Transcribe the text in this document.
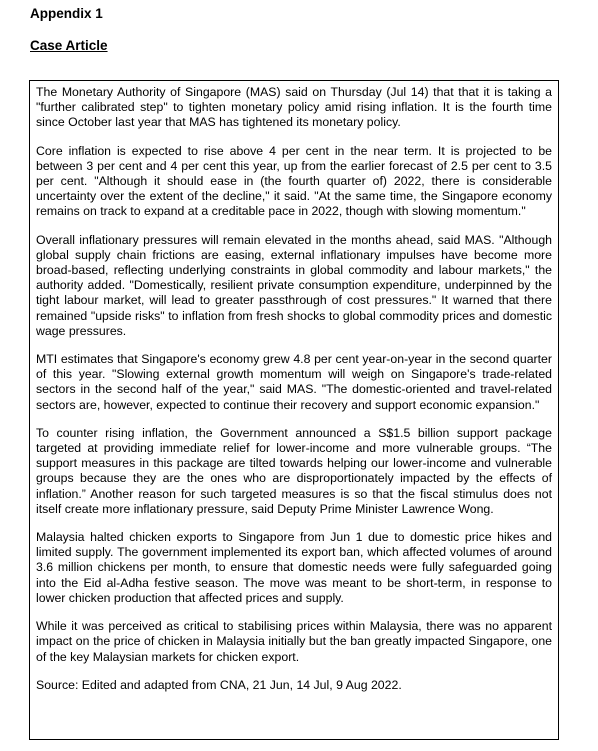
Appendix 1

Case Article

The Monetary Authority of Singapore (MAS) said on Thursday (Jul 14) that that it is taking a "further calibrated step" to tighten monetary policy amid rising inflation. It is the fourth time since October last year that MAS has tightened its monetary policy.

Core inflation is expected to rise above 4 per cent in the near term. It is projected to be between 3 per cent and 4 per cent this year, up from the earlier forecast of 2.5 per cent to 3.5 per cent. "Although it should ease in (the fourth quarter of) 2022, there is considerable uncertainty over the extent of the decline," it said. "At the same time, the Singapore economy remains on track to expand at a creditable pace in 2022, though with slowing momentum."

Overall inflationary pressures will remain elevated in the months ahead, said MAS. "Although global supply chain frictions are easing, external inflationary impulses have become more broad-based, reflecting underlying constraints in global commodity and labour markets," the authority added. "Domestically, resilient private consumption expenditure, underpinned by the tight labour market, will lead to greater passthrough of cost pressures." It warned that there remained "upside risks" to inflation from fresh shocks to global commodity prices and domestic wage pressures.

MTI estimates that Singapore's economy grew 4.8 per cent year-on-year in the second quarter of this year. "Slowing external growth momentum will weigh on Singapore's trade-related sectors in the second half of the year," said MAS. "The domestic-oriented and travel-related sectors are, however, expected to continue their recovery and support economic expansion."

To counter rising inflation, the Government announced a S$1.5 billion support package targeted at providing immediate relief for lower-income and more vulnerable groups. “The support measures in this package are tilted towards helping our lower-income and vulnerable groups because they are the ones who are disproportionately impacted by the effects of inflation.” Another reason for such targeted measures is so that the fiscal stimulus does not itself create more inflationary pressure, said Deputy Prime Minister Lawrence Wong.

Malaysia halted chicken exports to Singapore from Jun 1 due to domestic price hikes and limited supply. The government implemented its export ban, which affected volumes of around 3.6 million chickens per month, to ensure that domestic needs were fully safeguarded going into the Eid al-Adha festive season. The move was meant to be short-term, in response to lower chicken production that affected prices and supply.

While it was perceived as critical to stabilising prices within Malaysia, there was no apparent impact on the price of chicken in Malaysia initially but the ban greatly impacted Singapore, one of the key Malaysian markets for chicken export.

Source: Edited and adapted from CNA, 21 Jun, 14 Jul, 9 Aug 2022.
